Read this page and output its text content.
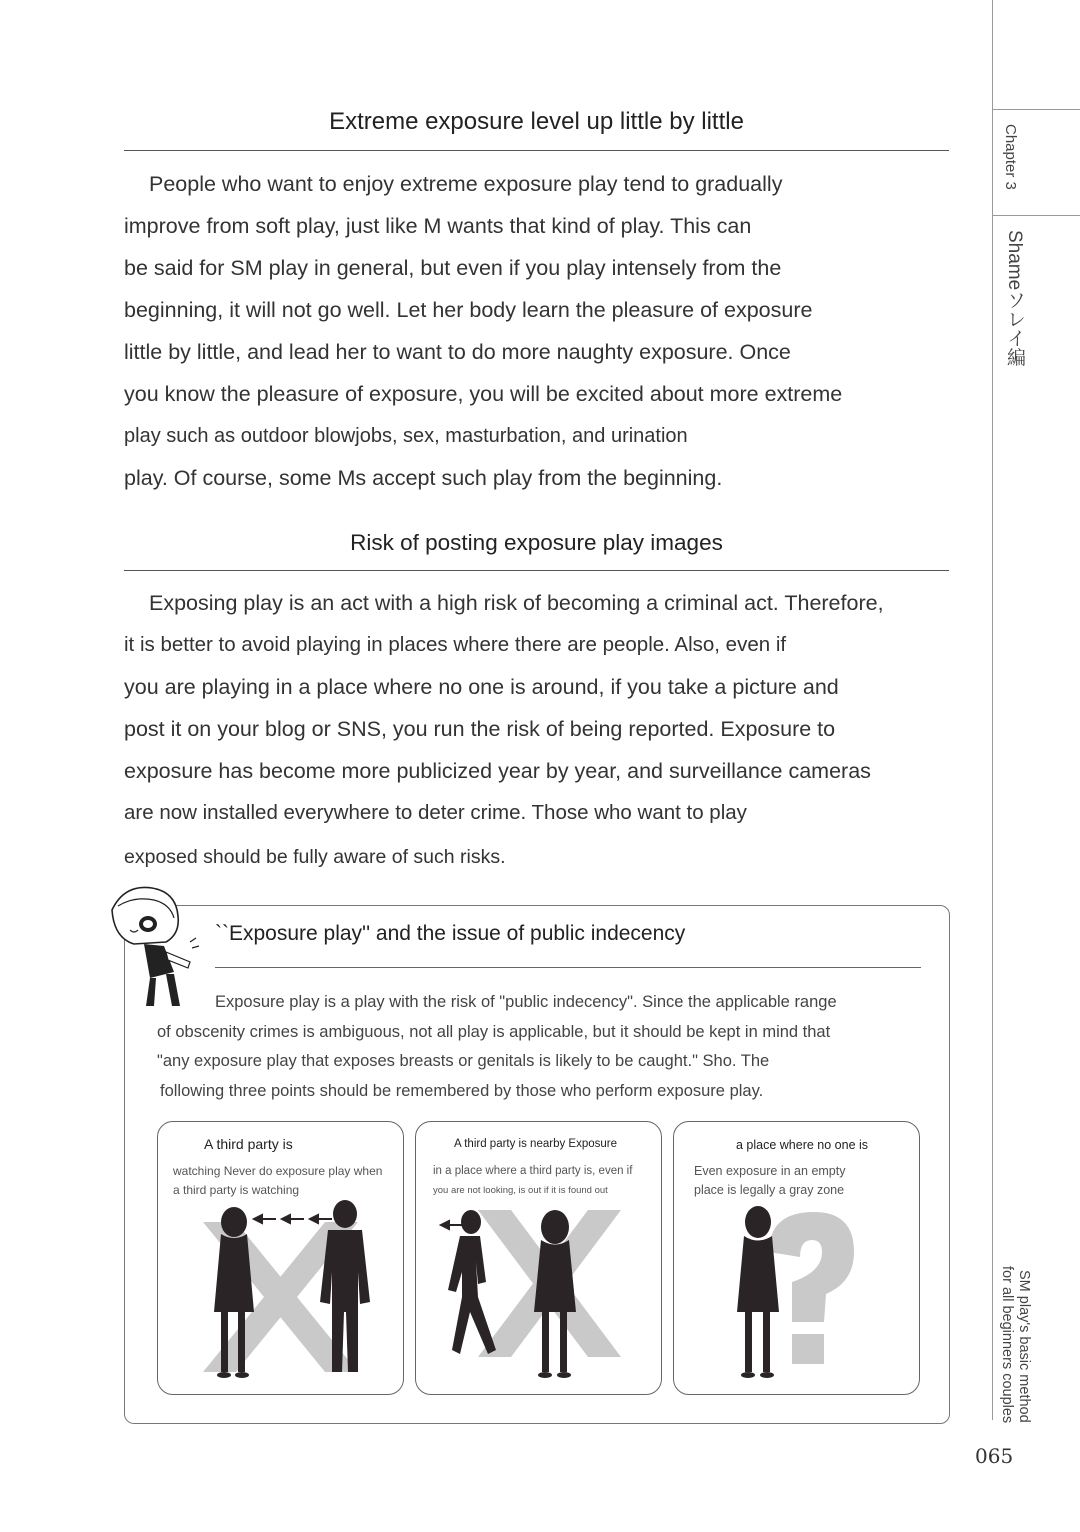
Chapter 3
Shameソレイ編
SM play's basic method
for all beginners couples
Extreme exposure level up little by little
People who want to enjoy extreme exposure play tend to gradually
improve from soft play, just like M wants that kind of play. This can
be said for SM play in general, but even if you play intensely from the
beginning, it will not go well. Let her body learn the pleasure of exposure
little by little, and lead her to want to do more naughty exposure. Once
you know the pleasure of exposure, you will be excited about more extreme
play such as outdoor blowjobs, sex, masturbation, and urination
play. Of course, some Ms accept such play from the beginning.
Risk of posting exposure play images
Exposing play is an act with a high risk of becoming a criminal act. Therefore,
it is better to avoid playing in places where there are people. Also, even if
you are playing in a place where no one is around, if you take a picture and
post it on your blog or SNS, you run the risk of being reported. Exposure to
exposure has become more publicized year by year, and surveillance cameras
are now installed everywhere to deter crime. Those who want to play
exposed should be fully aware of such risks.
``Exposure play'' and the issue of public indecency
Exposure play is a play with the risk of "public indecency". Since the applicable range
of obscenity crimes is ambiguous, not all play is applicable, but it should be kept in mind that
"any exposure play that exposes breasts or genitals is likely to be caught." Sho. The
following three points should be remembered by those who perform exposure play.
A third party is
watching Never do exposure play when
a third party is watching
A third party is nearby Exposure
in a place where a third party is, even if
you are not looking, is out if it is found out
a place where no one is
Even exposure in an empty
place is legally a gray zone
065
